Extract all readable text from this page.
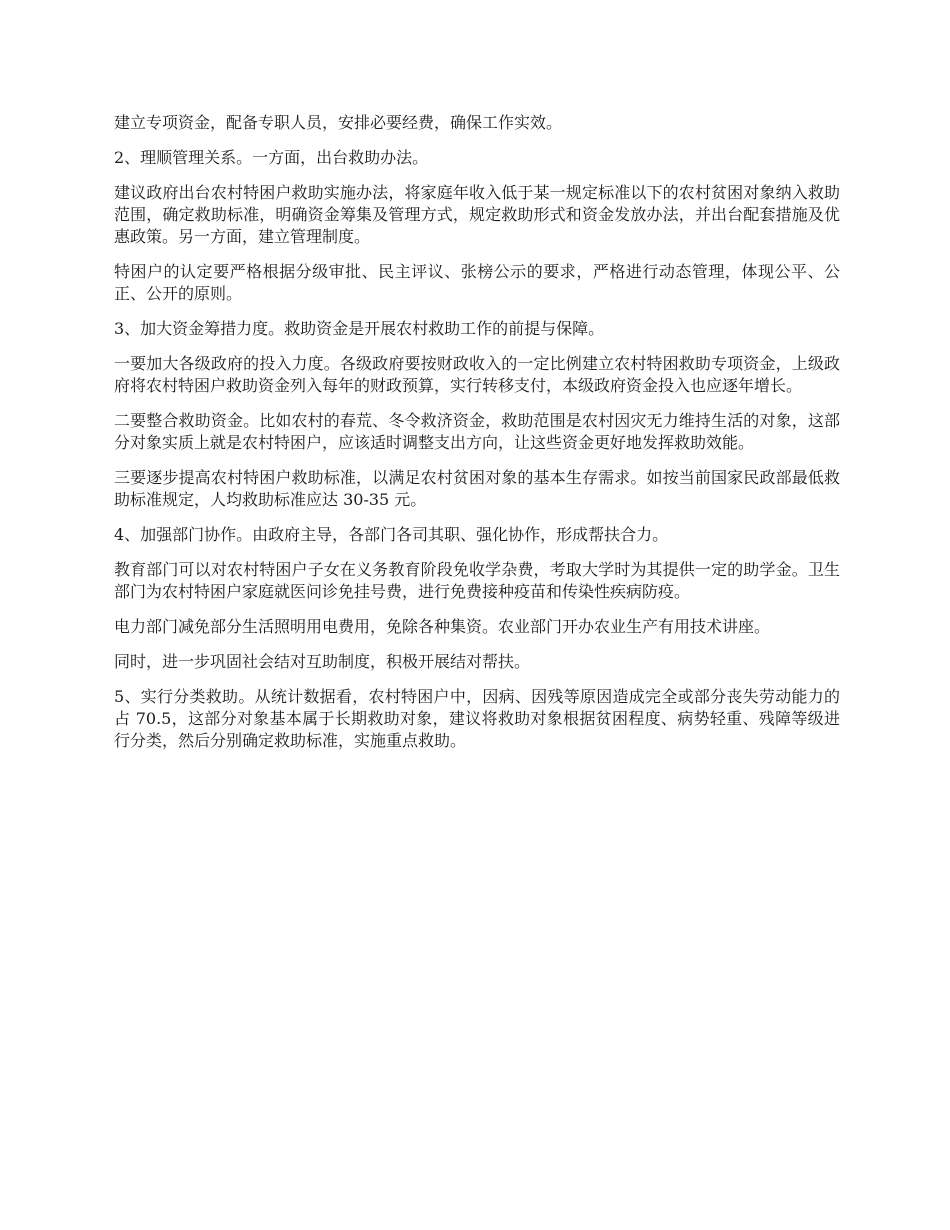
建立专项资金，配备专职人员，安排必要经费，确保工作实效。

2、理顺管理关系。一方面，出台救助办法。

建议政府出台农村特困户救助实施办法，将家庭年收入低于某一规定标准以下的农村贫困对象纳入救助范围，确定救助标准，明确资金筹集及管理方式，规定救助形式和资金发放办法，并出台配套措施及优惠政策。另一方面，建立管理制度。

特困户的认定要严格根据分级审批、民主评议、张榜公示的要求，严格进行动态管理，体现公平、公正、公开的原则。

3、加大资金筹措力度。救助资金是开展农村救助工作的前提与保障。

一要加大各级政府的投入力度。各级政府要按财政收入的一定比例建立农村特困救助专项资金，上级政府将农村特困户救助资金列入每年的财政预算，实行转移支付，本级政府资金投入也应逐年增长。

二要整合救助资金。比如农村的春荒、冬令救济资金，救助范围是农村因灾无力维持生活的对象，这部分对象实质上就是农村特困户，应该适时调整支出方向，让这些资金更好地发挥救助效能。

三要逐步提高农村特困户救助标准，以满足农村贫困对象的基本生存需求。如按当前国家民政部最低救助标准规定，人均救助标准应达 30-35 元。

4、加强部门协作。由政府主导，各部门各司其职、强化协作，形成帮扶合力。

教育部门可以对农村特困户子女在义务教育阶段免收学杂费，考取大学时为其提供一定的助学金。卫生部门为农村特困户家庭就医问诊免挂号费，进行免费接种疫苗和传染性疾病防疫。

电力部门减免部分生活照明用电费用，免除各种集资。农业部门开办农业生产有用技术讲座。

同时，进一步巩固社会结对互助制度，积极开展结对帮扶。

5、实行分类救助。从统计数据看，农村特困户中，因病、因残等原因造成完全或部分丧失劳动能力的占 70.5，这部分对象基本属于长期救助对象，建议将救助对象根据贫困程度、病势轻重、残障等级进行分类，然后分别确定救助标准，实施重点救助。
